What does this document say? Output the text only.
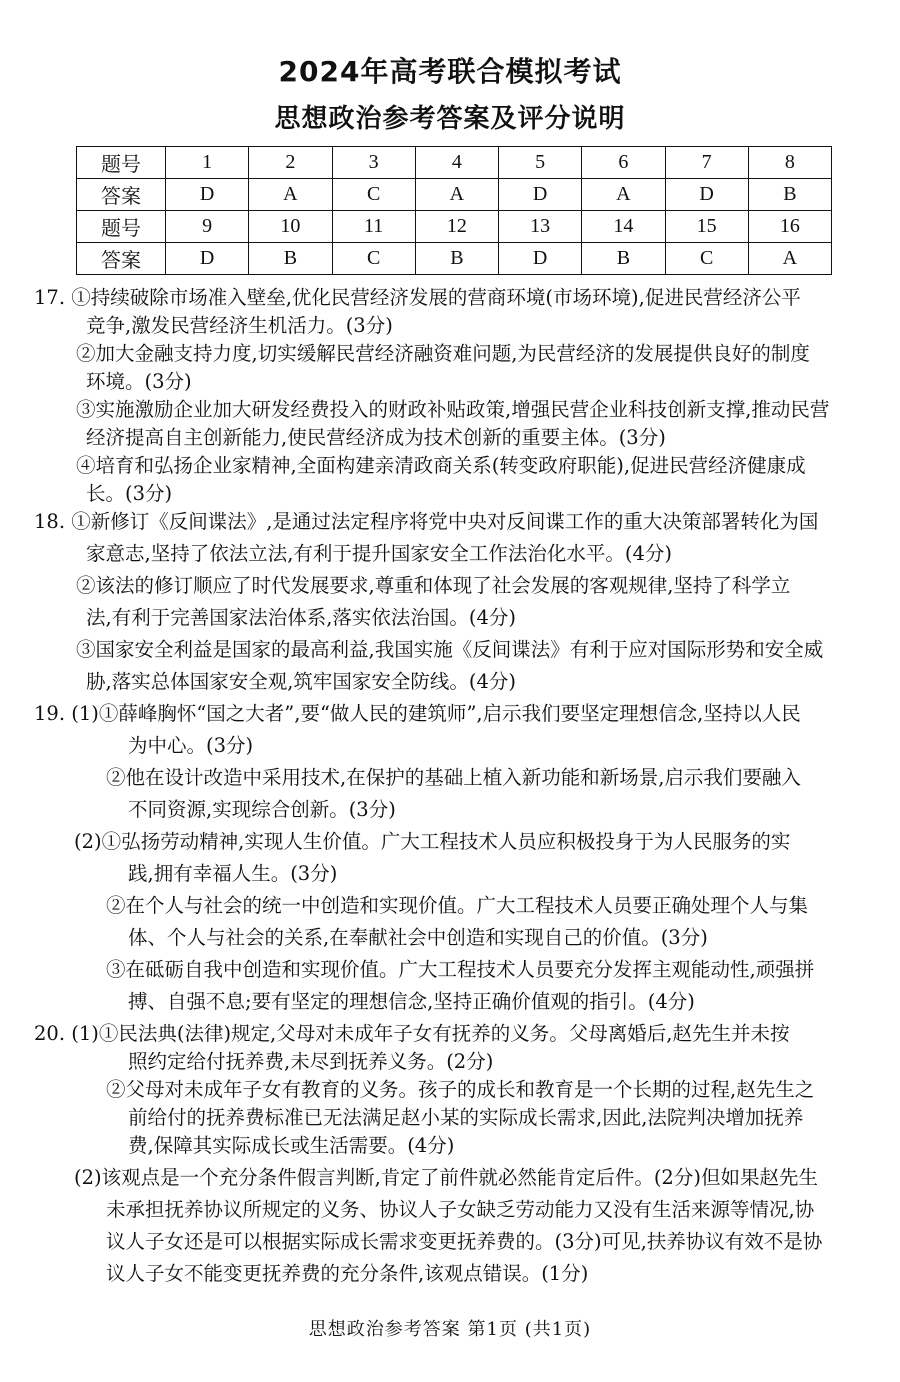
2024年高考联合模拟考试
思想政治参考答案及评分说明
题号	1	2	3	4	5	6	7	8
答案	D	A	C	A	D	A	D	B
题号	9	10	11	12	13	14	15	16
答案	D	B	C	B	D	B	C	A
17. ①持续破除市场准入壁垒,优化民营经济发展的营商环境(市场环境),促进民营经济公平
竞争,激发民营经济生机活力。(3分)
②加大金融支持力度,切实缓解民营经济融资难问题,为民营经济的发展提供良好的制度
环境。(3分)
③实施激励企业加大研发经费投入的财政补贴政策,增强民营企业科技创新支撑,推动民营
经济提高自主创新能力,使民营经济成为技术创新的重要主体。(3分)
④培育和弘扬企业家精神,全面构建亲清政商关系(转变政府职能),促进民营经济健康成
长。(3分)
18. ①新修订《反间谍法》,是通过法定程序将党中央对反间谍工作的重大决策部署转化为国
家意志,坚持了依法立法,有利于提升国家安全工作法治化水平。(4分)
②该法的修订顺应了时代发展要求,尊重和体现了社会发展的客观规律,坚持了科学立
法,有利于完善国家法治体系,落实依法治国。(4分)
③国家安全利益是国家的最高利益,我国实施《反间谍法》有利于应对国际形势和安全威
胁,落实总体国家安全观,筑牢国家安全防线。(4分)
19. (1)①薛峰胸怀“国之大者”,要“做人民的建筑师”,启示我们要坚定理想信念,坚持以人民
为中心。(3分)
②他在设计改造中采用技术,在保护的基础上植入新功能和新场景,启示我们要融入
不同资源,实现综合创新。(3分)
(2)①弘扬劳动精神,实现人生价值。广大工程技术人员应积极投身于为人民服务的实
践,拥有幸福人生。(3分)
②在个人与社会的统一中创造和实现价值。广大工程技术人员要正确处理个人与集
体、个人与社会的关系,在奉献社会中创造和实现自己的价值。(3分)
③在砥砺自我中创造和实现价值。广大工程技术人员要充分发挥主观能动性,顽强拼
搏、自强不息;要有坚定的理想信念,坚持正确价值观的指引。(4分)
20. (1)①民法典(法律)规定,父母对未成年子女有抚养的义务。父母离婚后,赵先生并未按
照约定给付抚养费,未尽到抚养义务。(2分)
②父母对未成年子女有教育的义务。孩子的成长和教育是一个长期的过程,赵先生之
前给付的抚养费标准已无法满足赵小某的实际成长需求,因此,法院判决增加抚养
费,保障其实际成长或生活需要。(4分)
(2)该观点是一个充分条件假言判断,肯定了前件就必然能肯定后件。(2分)但如果赵先生
未承担抚养协议所规定的义务、协议人子女缺乏劳动能力又没有生活来源等情况,协
议人子女还是可以根据实际成长需求变更抚养费的。(3分)可见,扶养协议有效不是协
议人子女不能变更抚养费的充分条件,该观点错误。(1分)
思想政治参考答案 第1页 (共1页)
